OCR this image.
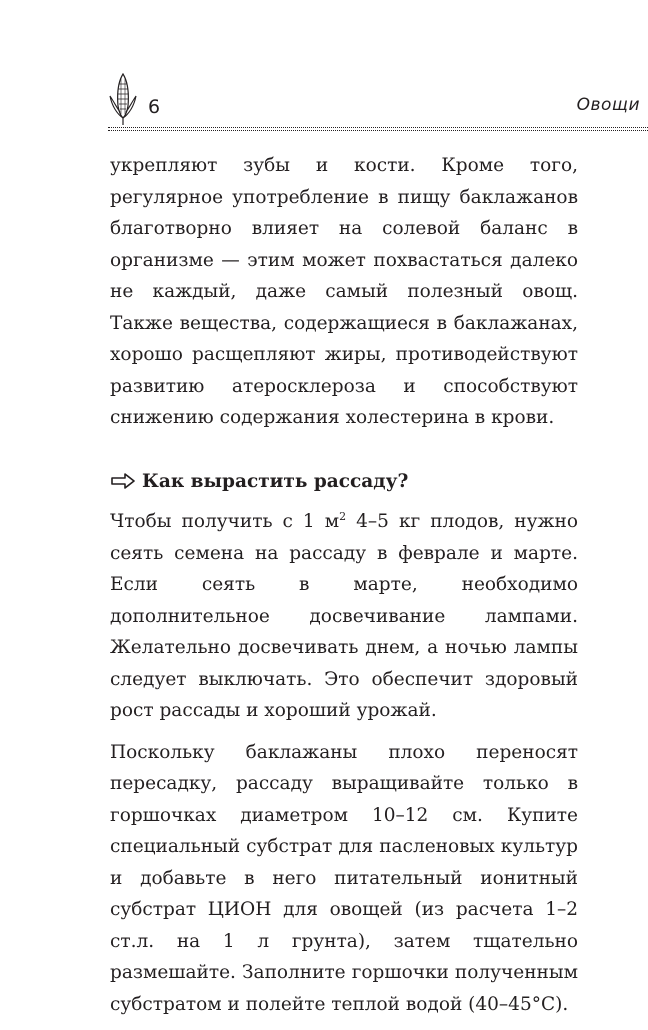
6	Овощи

укрепляют зубы и кости. Кроме того, регулярное употребление в пищу баклажанов благотворно влияет на солевой баланс в организме — этим может похвастаться далеко не каждый, даже самый полезный овощ. Также вещества, содержащиеся в баклажанах, хорошо расщепляют жиры, противодействуют развитию атеросклероза и способствуют снижению содержания холестерина в крови.

Как вырастить рассаду?

Чтобы получить с 1 $м^2$ 4–5 кг плодов, нужно сеять семена на рассаду в феврале и марте. Если сеять в марте, необходимо дополнительное досвечивание лампами. Желательно досвечивать днем, а ночью лампы следует выключать. Это обеспечит здоровый рост рассады и хороший урожай.

Поскольку баклажаны плохо переносят пересадку, рассаду выращивайте только в горшочках диаметром 10–12 см. Купите специальный субстрат для пасленовых культур и добавьте в него питательный ионитный субстрат ЦИОН для овощей (из расчета 1–2 ст.л. на 1 л грунта), затем тщательно размешайте. Заполните горшочки полученным субстратом и полейте теплой водой (40–45°С).
